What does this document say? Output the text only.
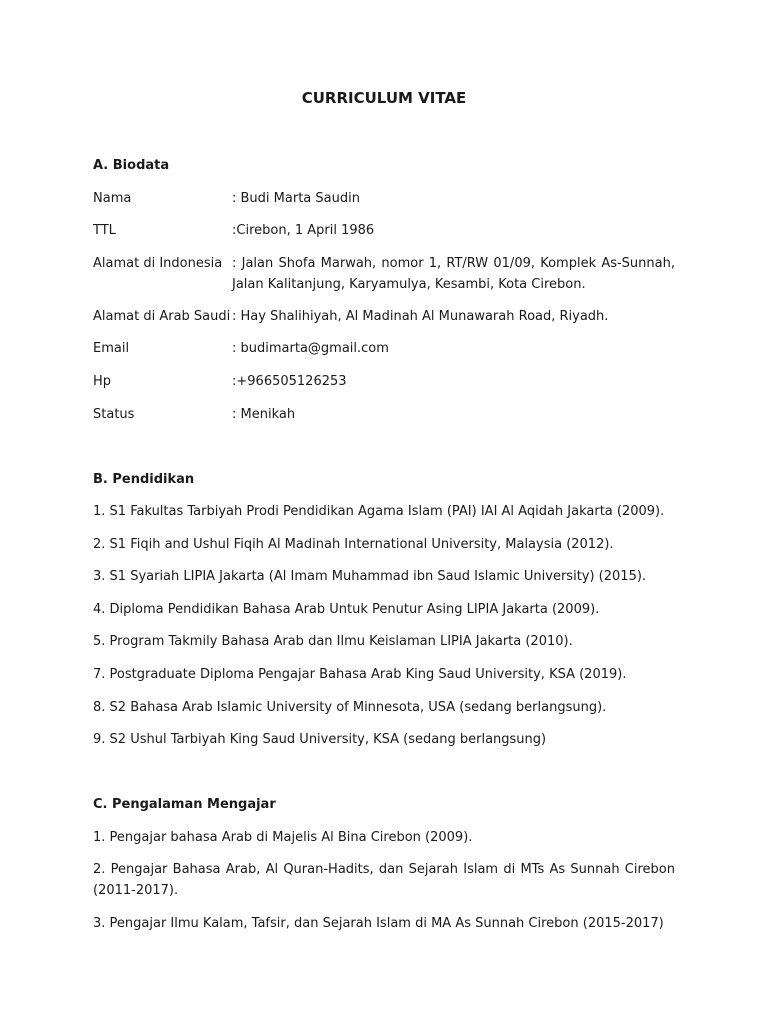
CURRICULUM VITAE
A. Biodata
Nama	: Budi Marta Saudin
TTL	:Cirebon, 1 April 1986
Alamat di Indonesia : Jalan Shofa Marwah, nomor 1, RT/RW 01/09, Komplek As-Sunnah, Jalan Kalitanjung, Karyamulya, Kesambi, Kota Cirebon.
Alamat di Arab Saudi : Hay Shalihiyah, Al Madinah Al Munawarah Road, Riyadh.
Email	: budimarta@gmail.com
Hp	:+966505126253
Status	: Menikah
B. Pendidikan
1. S1 Fakultas Tarbiyah Prodi Pendidikan Agama Islam (PAI) IAI Al Aqidah Jakarta (2009).
2. S1 Fiqih and Ushul Fiqih Al Madinah International University, Malaysia (2012).
3. S1 Syariah LIPIA Jakarta (Al Imam Muhammad ibn Saud Islamic University) (2015).
4. Diploma Pendidikan Bahasa Arab Untuk Penutur Asing LIPIA Jakarta (2009).
5. Program Takmily Bahasa Arab dan Ilmu Keislaman LIPIA Jakarta (2010).
7. Postgraduate Diploma Pengajar Bahasa Arab King Saud University, KSA (2019).
8. S2 Bahasa Arab Islamic University of Minnesota, USA (sedang berlangsung).
9. S2 Ushul Tarbiyah King Saud University, KSA (sedang berlangsung)
C. Pengalaman Mengajar
1. Pengajar bahasa Arab di Majelis Al Bina Cirebon (2009).
2. Pengajar Bahasa Arab, Al Quran-Hadits, dan Sejarah Islam di MTs As Sunnah Cirebon (2011-2017).
3. Pengajar Ilmu Kalam, Tafsir, dan Sejarah Islam di MA As Sunnah Cirebon (2015-2017)
